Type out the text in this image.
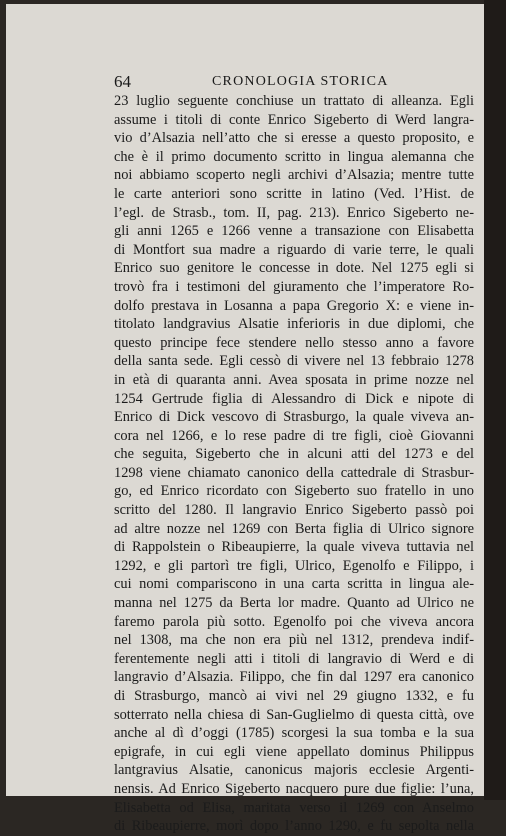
64	CRONOLOGIA STORICA
23 luglio seguente conchiuse un trattato di alleanza. Egli
assume i titoli di conte Enrico Sigeberto di Werd langra-
vio d’Alsazia nell’atto che si eresse a questo proposito, e
che è il primo documento scritto in lingua alemanna che
noi abbiamo scoperto negli archivi d’Alsazia; mentre tutte
le carte anteriori sono scritte in latino (Ved. l’Hist. de
l’egl. de Strasb., tom. II, pag. 213). Enrico Sigeberto ne-
gli anni 1265 e 1266 venne a transazione con Elisabetta
di Montfort sua madre a riguardo di varie terre, le quali
Enrico suo genitore le concesse in dote. Nel 1275 egli si
trovò fra i testimoni del giuramento che l’imperatore Ro-
dolfo prestava in Losanna a papa Gregorio X: e viene in-
titolato landgravius Alsatie inferioris in due diplomi, che
questo principe fece stendere nello stesso anno a favore
della santa sede. Egli cessò di vivere nel 13 febbraio 1278
in età di quaranta anni. Avea sposata in prime nozze nel
1254 Gertrude figlia di Alessandro di Dick e nipote di
Enrico di Dick vescovo di Strasburgo, la quale viveva an-
cora nel 1266, e lo rese padre di tre figli, cioè Giovanni
che seguita, Sigeberto che in alcuni atti del 1273 e del
1298 viene chiamato canonico della cattedrale di Strasbur-
go, ed Enrico ricordato con Sigeberto suo fratello in uno
scritto del 1280. Il langravio Enrico Sigeberto passò poi
ad altre nozze nel 1269 con Berta figlia di Ulrico signore
di Rappolstein o Ribeaupierre, la quale viveva tuttavia nel
1292, e gli partorì tre figli, Ulrico, Egenolfo e Filippo, i
cui nomi compariscono in una carta scritta in lingua ale-
manna nel 1275 da Berta lor madre. Quanto ad Ulrico ne
faremo parola più sotto. Egenolfo poi che viveva ancora
nel 1308, ma che non era più nel 1312, prendeva indif-
ferentemente negli atti i titoli di langravio di Werd e di
langravio d’Alsazia. Filippo, che fin dal 1297 era canonico
di Strasburgo, mancò ai vivi nel 29 giugno 1332, e fu
sotterrato nella chiesa di San-Guglielmo di questa città, ove
anche al dì d’oggi (1785) scorgesi la sua tomba e la sua
epigrafe, in cui egli viene appellato dominus Philippus
lantgravius Alsatie, canonicus majoris ecclesie Argenti-
nensis. Ad Enrico Sigeberto nacquero pure due figlie: l’una,
Elisabetta od Elisa, maritata verso il 1269 con Anselmo
di Ribeaupierre, morì dopo l’anno 1290, e fu sepolta nella
